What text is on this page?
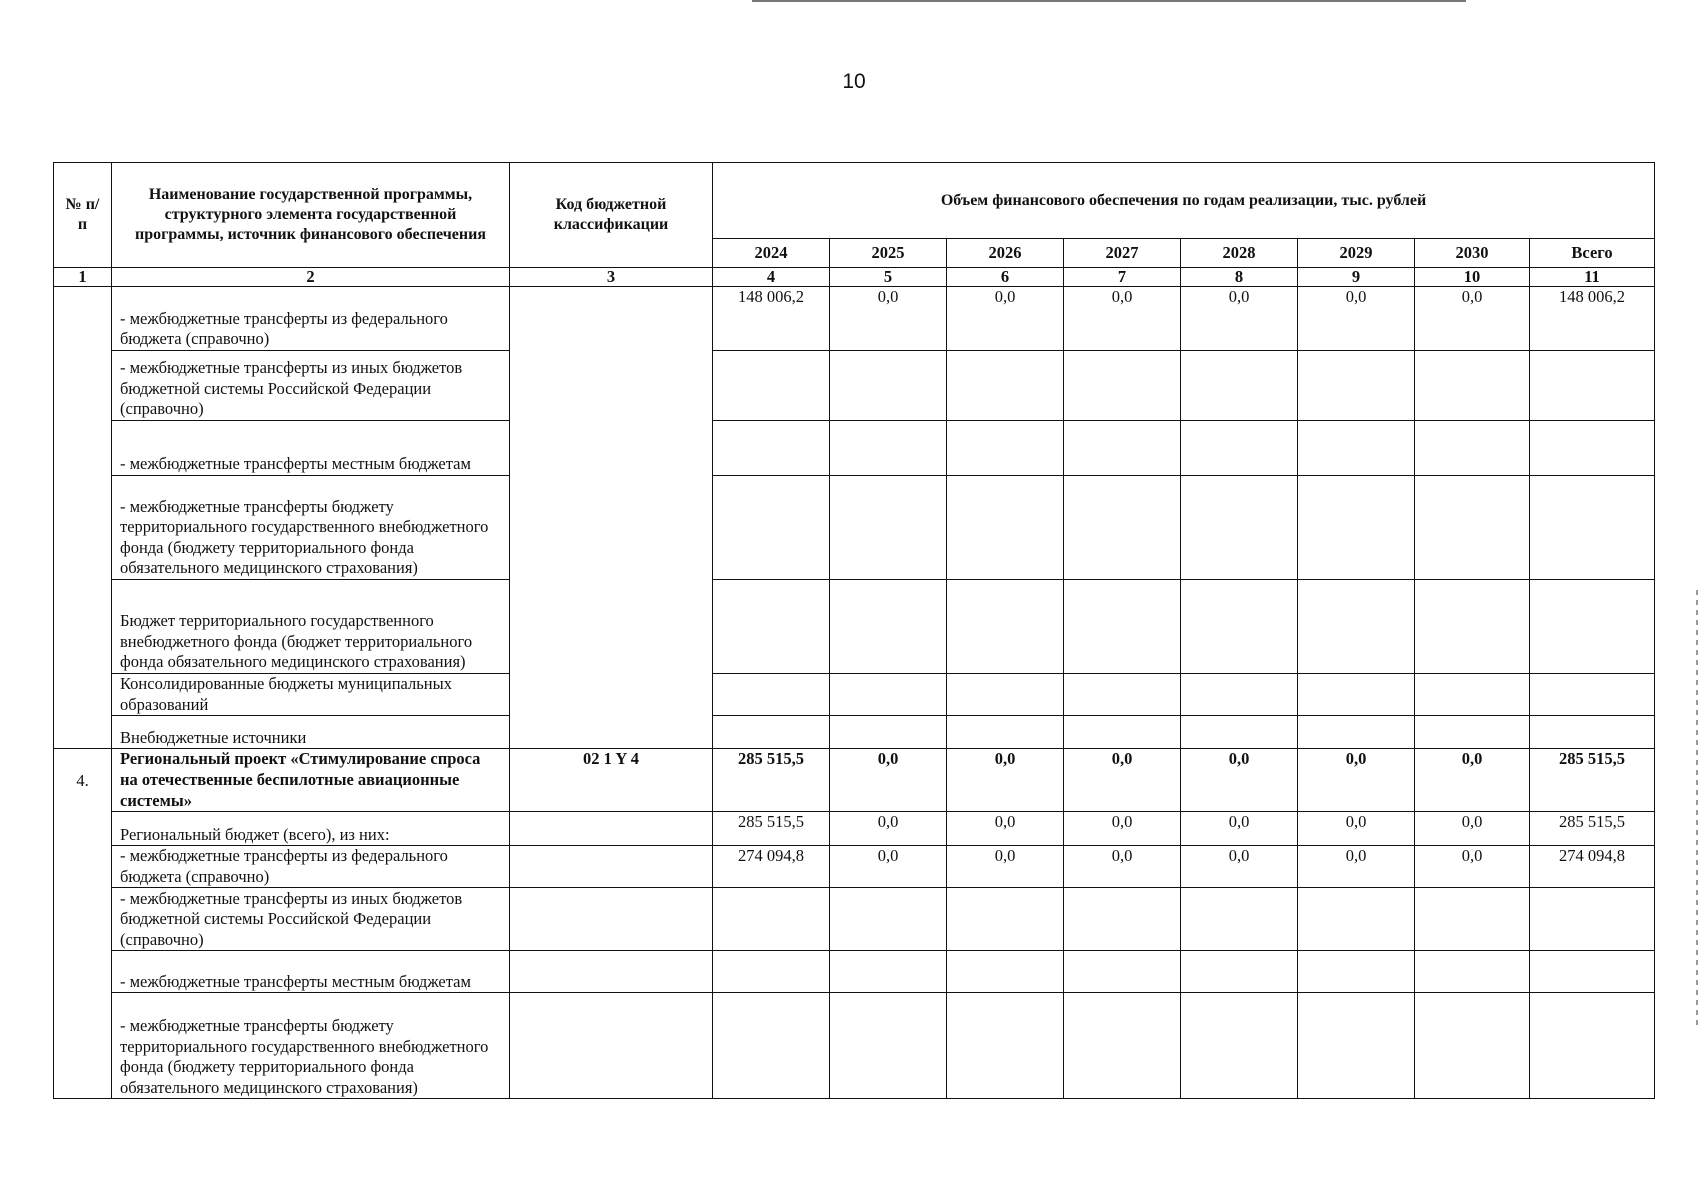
10
№ п/п	Наименование государственной программы, структурного элемента государственной программы, источник финансового обеспечения	Код бюджетной классификации	Объем финансового обеспечения по годам реализации, тыс. рублей							
			2024	2025	2026	2027	2028	2029	2030	Всего
1	2	3	4	5	6	7	8	9	10	11
	- межбюджетные трансферты из федерального бюджета (справочно)		148 006,2	0,0	0,0	0,0	0,0	0,0	0,0	148 006,2
	- межбюджетные трансферты из иных бюджетов бюджетной системы Российской Федерации (справочно)									
	- межбюджетные трансферты местным бюджетам									
	- межбюджетные трансферты бюджету территориального государственного внебюджетного фонда (бюджету территориального фонда обязательного медицинского страхования)									
	Бюджет территориального государственного внебюджетного фонда (бюджет территориального фонда обязательного медицинского страхования)									
	Консолидированные бюджеты муниципальных образований									
	Внебюджетные источники									
4.	Региональный проект «Стимулирование спроса на отечественные беспилотные авиационные системы»	02 1 Y 4	285 515,5	0,0	0,0	0,0	0,0	0,0	0,0	285 515,5
	Региональный бюджет (всего), из них:		285 515,5	0,0	0,0	0,0	0,0	0,0	0,0	285 515,5
	- межбюджетные трансферты из федерального бюджета (справочно)		274 094,8	0,0	0,0	0,0	0,0	0,0	0,0	274 094,8
	- межбюджетные трансферты из иных бюджетов бюджетной системы Российской Федерации (справочно)									
	- межбюджетные трансферты местным бюджетам									
	- межбюджетные трансферты бюджету территориального государственного внебюджетного фонда (бюджету территориального фонда обязательного медицинского страхования)									
